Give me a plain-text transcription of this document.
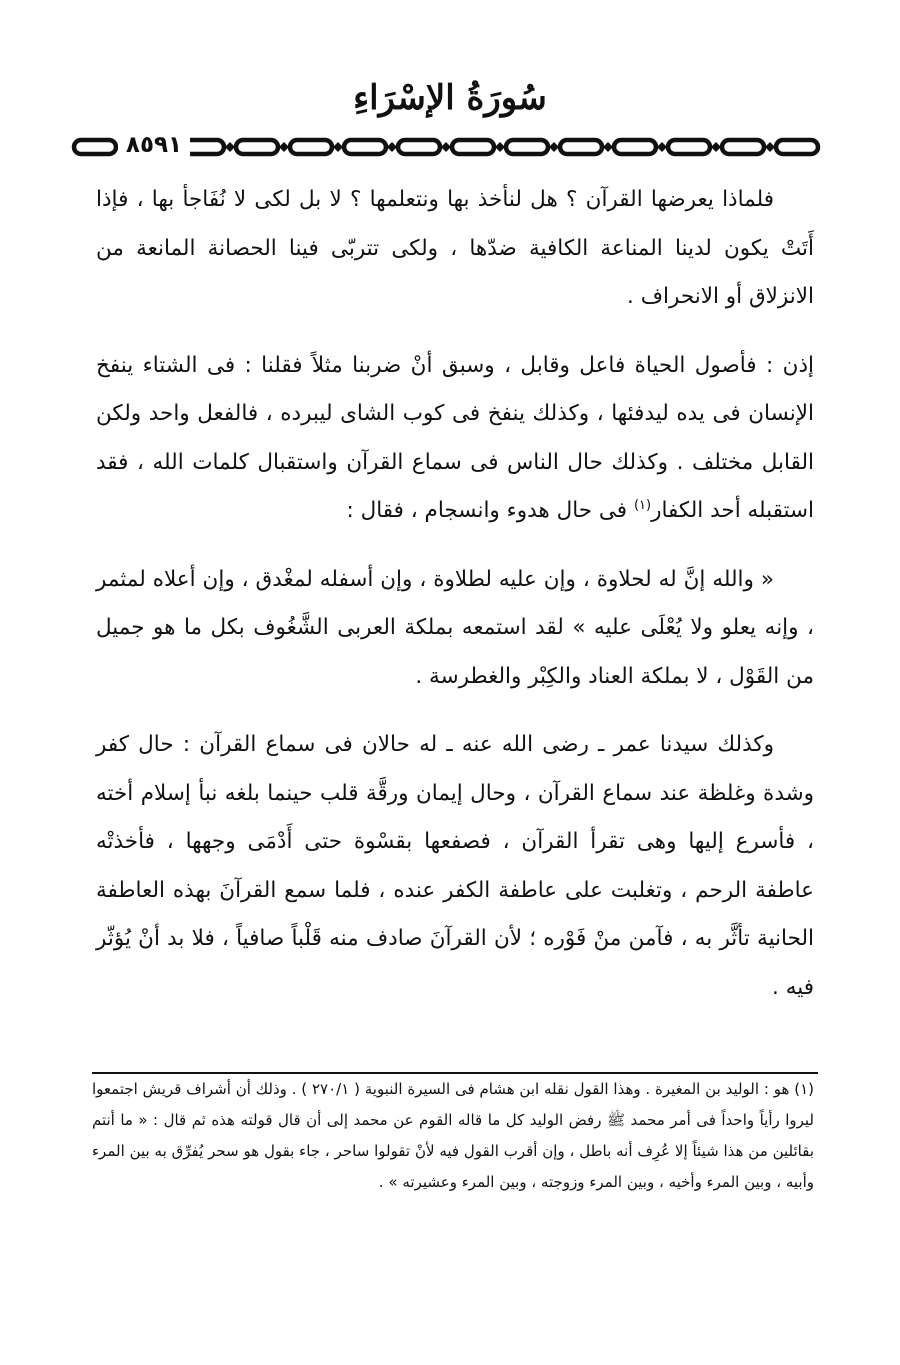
سُورَةُ الإسْرَاءِ
٨٥٩١

فلماذا يعرضها القرآن ؟ هل لنأخذ بها ونتعلمها ؟ لا بل لكى لا نُفَاجأ بها ، فإذا أَتَتْ يكون لدينا المناعة الكافية ضدّها ، ولكى تتربّى فينا الحصانة المانعة من الانزلاق أو الانحراف .

إذن : فأصول الحياة فاعل وقابل ، وسبق أنْ ضربنا مثلاً فقلنا : فى الشتاء ينفخ الإنسان فى يده ليدفئها ، وكذلك ينفخ فى كوب الشاى ليبرده ، فالفعل واحد ولكن القابل مختلف . وكذلك حال الناس فى سماع القرآن واستقبال كلمات الله ، فقد استقبله أحد الكفار$^{(١)}$ فى حال هدوء وانسجام ، فقال :

« والله إنَّ له لحلاوة ، وإن عليه لطلاوة ، وإن أسفله لمغْدق ، وإن أعلاه لمثمر ، وإنه يعلو ولا يُعْلَى عليه » لقد استمعه بملكة العربى الشَّغُوف بكل ما هو جميل من القَوْل ، لا بملكة العناد والكِبْر والغطرسة .

وكذلك سيدنا عمر ـ رضى الله عنه ـ له حالان فى سماع القرآن : حال كفر وشدة وغلظة عند سماع القرآن ، وحال إيمان ورقَّة قلب حينما بلغه نبأ إسلام أخته ، فأسرع إليها وهى تقرأ القرآن ، فصفعها بقسْوة حتى أَدْمَى وجهها ، فأخذتْه عاطفة الرحم ، وتغلبت على عاطفة الكفر عنده ، فلما سمع القرآنَ بهذه العاطفة الحانية تأثَّر به ، فآمن منْ فَوْره ؛ لأن القرآنَ صادف منه قَلْباً صافياً ، فلا بد أنْ يُؤثّر فيه .

(١) هو : الوليد بن المغيرة . وهذا القول نقله ابن هشام فى السيرة النبوية ( ٢٧٠/١ ) . وذلك أن أشراف قريش اجتمعوا ليروا رأياً واحداً فى أمر محمد ﷺ رفض الوليد كل ما قاله القوم عن محمد إلى أن قال قولته هذه ثم قال : « ما أنتم بقائلين من هذا شيئاً إلا عُرِف أنه باطل ، وإن أقرب القول فيه لأنْ تقولوا ساحر ، جاء بقول هو سحر يُفرِّق به بين المرء وأبيه ، وبين المرء وأخيه ، وبين المرء وزوجته ، وبين المرء وعشيرته » .
